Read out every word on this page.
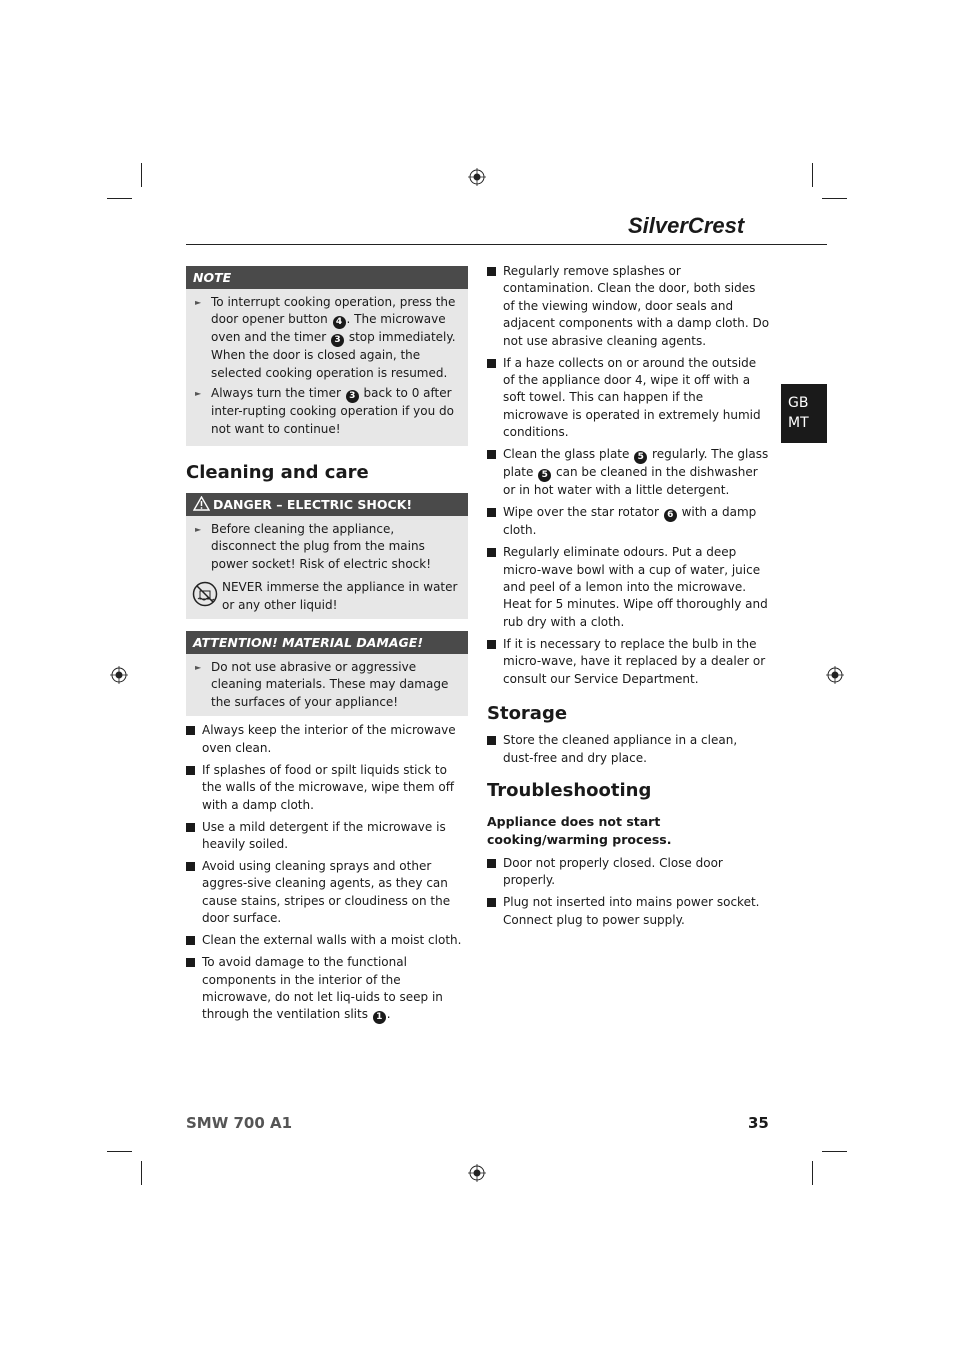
SilverCrest
GB
MT
NOTE
► To interrupt cooking operation, press the door opener button 4 . The microwave oven and the timer 3 stop immediately. When the door is closed again, the selected cooking operation is resumed.
► Always turn the timer 3 back to 0 after inter-rupting cooking operation if you do not want to continue!
Cleaning and care
DANGER – ELECTRIC SHOCK!
► Before cleaning the appliance, disconnect the plug from the mains power socket! Risk of electric shock!
NEVER immerse the appliance in water or any other liquid!
ATTENTION! MATERIAL DAMAGE!
► Do not use abrasive or aggressive cleaning materials. These may damage the surfaces of your appliance!
Always keep the interior of the microwave oven clean.
If splashes of food or spilt liquids stick to the walls of the microwave, wipe them off with a damp cloth.
Use a mild detergent if the microwave is heavily soiled.
Avoid using cleaning sprays and other aggres-sive cleaning agents, as they can cause stains, stripes or cloudiness on the door surface.
Clean the external walls with a moist cloth.
To avoid damage to the functional components in the interior of the microwave, do not let liq-uids to seep in through the ventilation slits 1 .
Regularly remove splashes or contamination. Clean the door, both sides of the viewing window, door seals and adjacent components with a damp cloth. Do not use abrasive cleaning agents.
If a haze collects on or around the outside of the appliance door 4, wipe it off with a soft towel. This can happen if the microwave is operated in extremely humid conditions.
Clean the glass plate 5 regularly. The glass plate 5 can be cleaned in the dishwasher or in hot water with a little detergent.
Wipe over the star rotator 6 with a damp cloth.
Regularly eliminate odours. Put a deep micro-wave bowl with a cup of water, juice and peel of a lemon into the microwave. Heat for 5 minutes. Wipe off thoroughly and rub dry with a cloth.
If it is necessary to replace the bulb in the micro-wave, have it replaced by a dealer or consult our Service Department.
Storage
Store the cleaned appliance in a clean, dust-free and dry place.
Troubleshooting
Appliance does not start cooking/warming process.
Door not properly closed. Close door properly.
Plug not inserted into mains power socket. Connect plug to power supply.
SMW 700 A1	35
